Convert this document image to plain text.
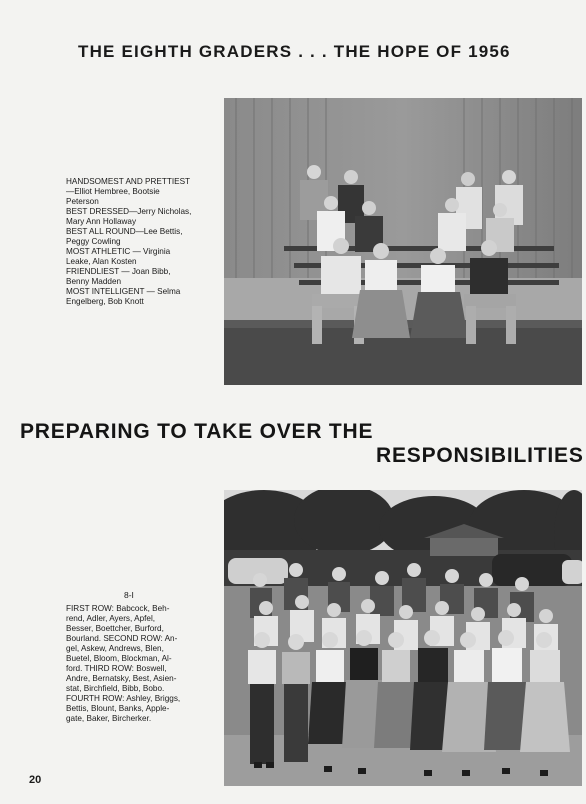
THE EIGHTH GRADERS . . . THE HOPE OF 1956
HANDSOMEST AND PRETTIEST
—Elliot Hembree, Bootsie
Peterson
BEST DRESSED—Jerry Nicholas,
Mary Ann Hollaway
BEST ALL ROUND—Lee Bettis,
Peggy Cowling
MOST ATHLETIC — Virginia
Leake, Alan Kosten
FRIENDLIEST — Joan Bibb,
Benny Madden
MOST INTELLIGENT — Selma
Engelberg, Bob Knott
PREPARING TO TAKE OVER THE
RESPONSIBILITIES
8-I
FIRST ROW: Babcock, Beh-
rend, Adler, Ayers, Apfel,
Besser, Boettcher, Burford,
Bourland. SECOND ROW: An-
gel, Askew, Andrews, Blen,
Buetel, Bloom, Blockman, Al-
ford. THIRD ROW: Boswell,
Andre, Bernatsky, Best, Asien-
stat, Birchfield, Bibb, Bobo.
FOURTH ROW: Ashley, Briggs,
Bettis, Blount, Banks, Apple-
gate, Baker, Bircherker.
20
